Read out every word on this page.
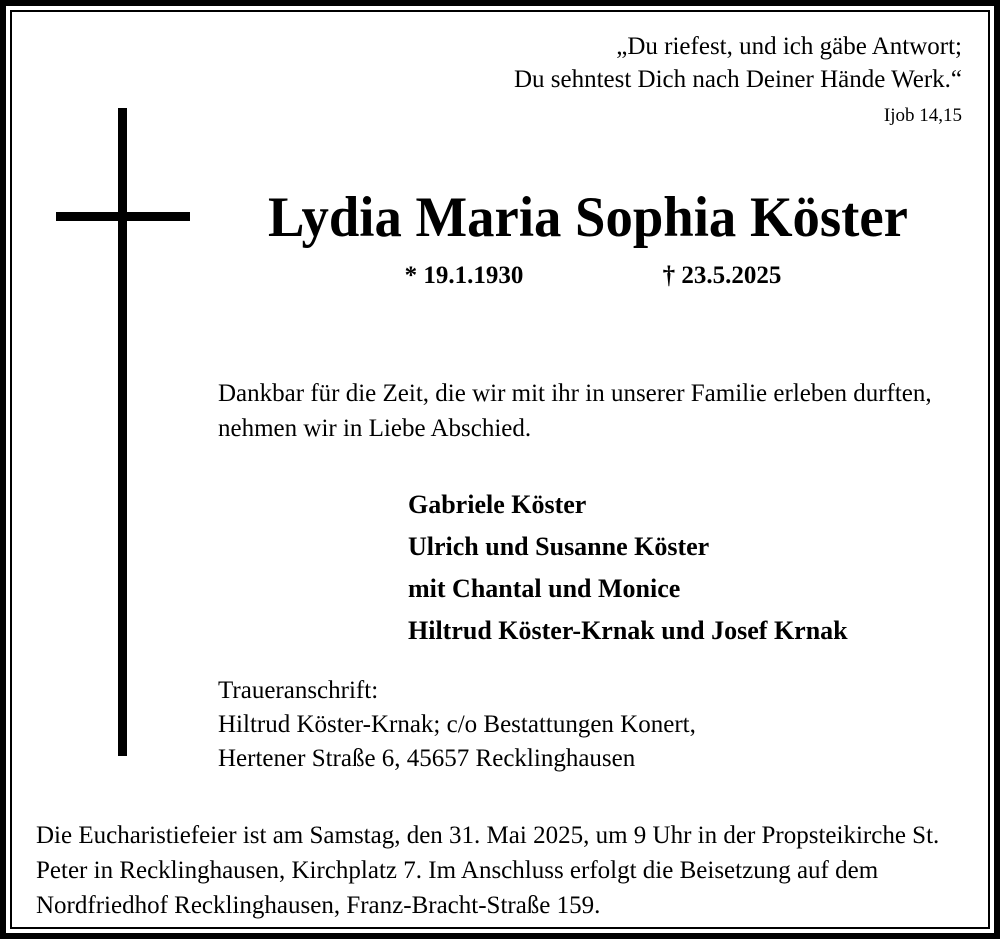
„Du riefest, und ich gäbe Antwort;
Du sehntest Dich nach Deiner Hände Werk.“
Ijob 14,15
Lydia Maria Sophia Köster
* 19.1.1930	† 23.5.2025
Dankbar für die Zeit, die wir mit ihr in unserer Familie erleben durften, nehmen wir in Liebe Abschied.
Gabriele Köster
Ulrich und Susanne Köster
mit Chantal und Monice
Hiltrud Köster-Krnak und Josef Krnak
Traueranschrift:
Hiltrud Köster-Krnak; c/o Bestattungen Konert,
Hertener Straße 6, 45657 Recklinghausen
Die Eucharistiefeier ist am Samstag, den 31. Mai 2025, um 9 Uhr in der Propsteikirche St. Peter in Recklinghausen, Kirchplatz 7. Im Anschluss erfolgt die Beisetzung auf dem Nordfriedhof Recklinghausen, Franz-Bracht-Straße 159.
